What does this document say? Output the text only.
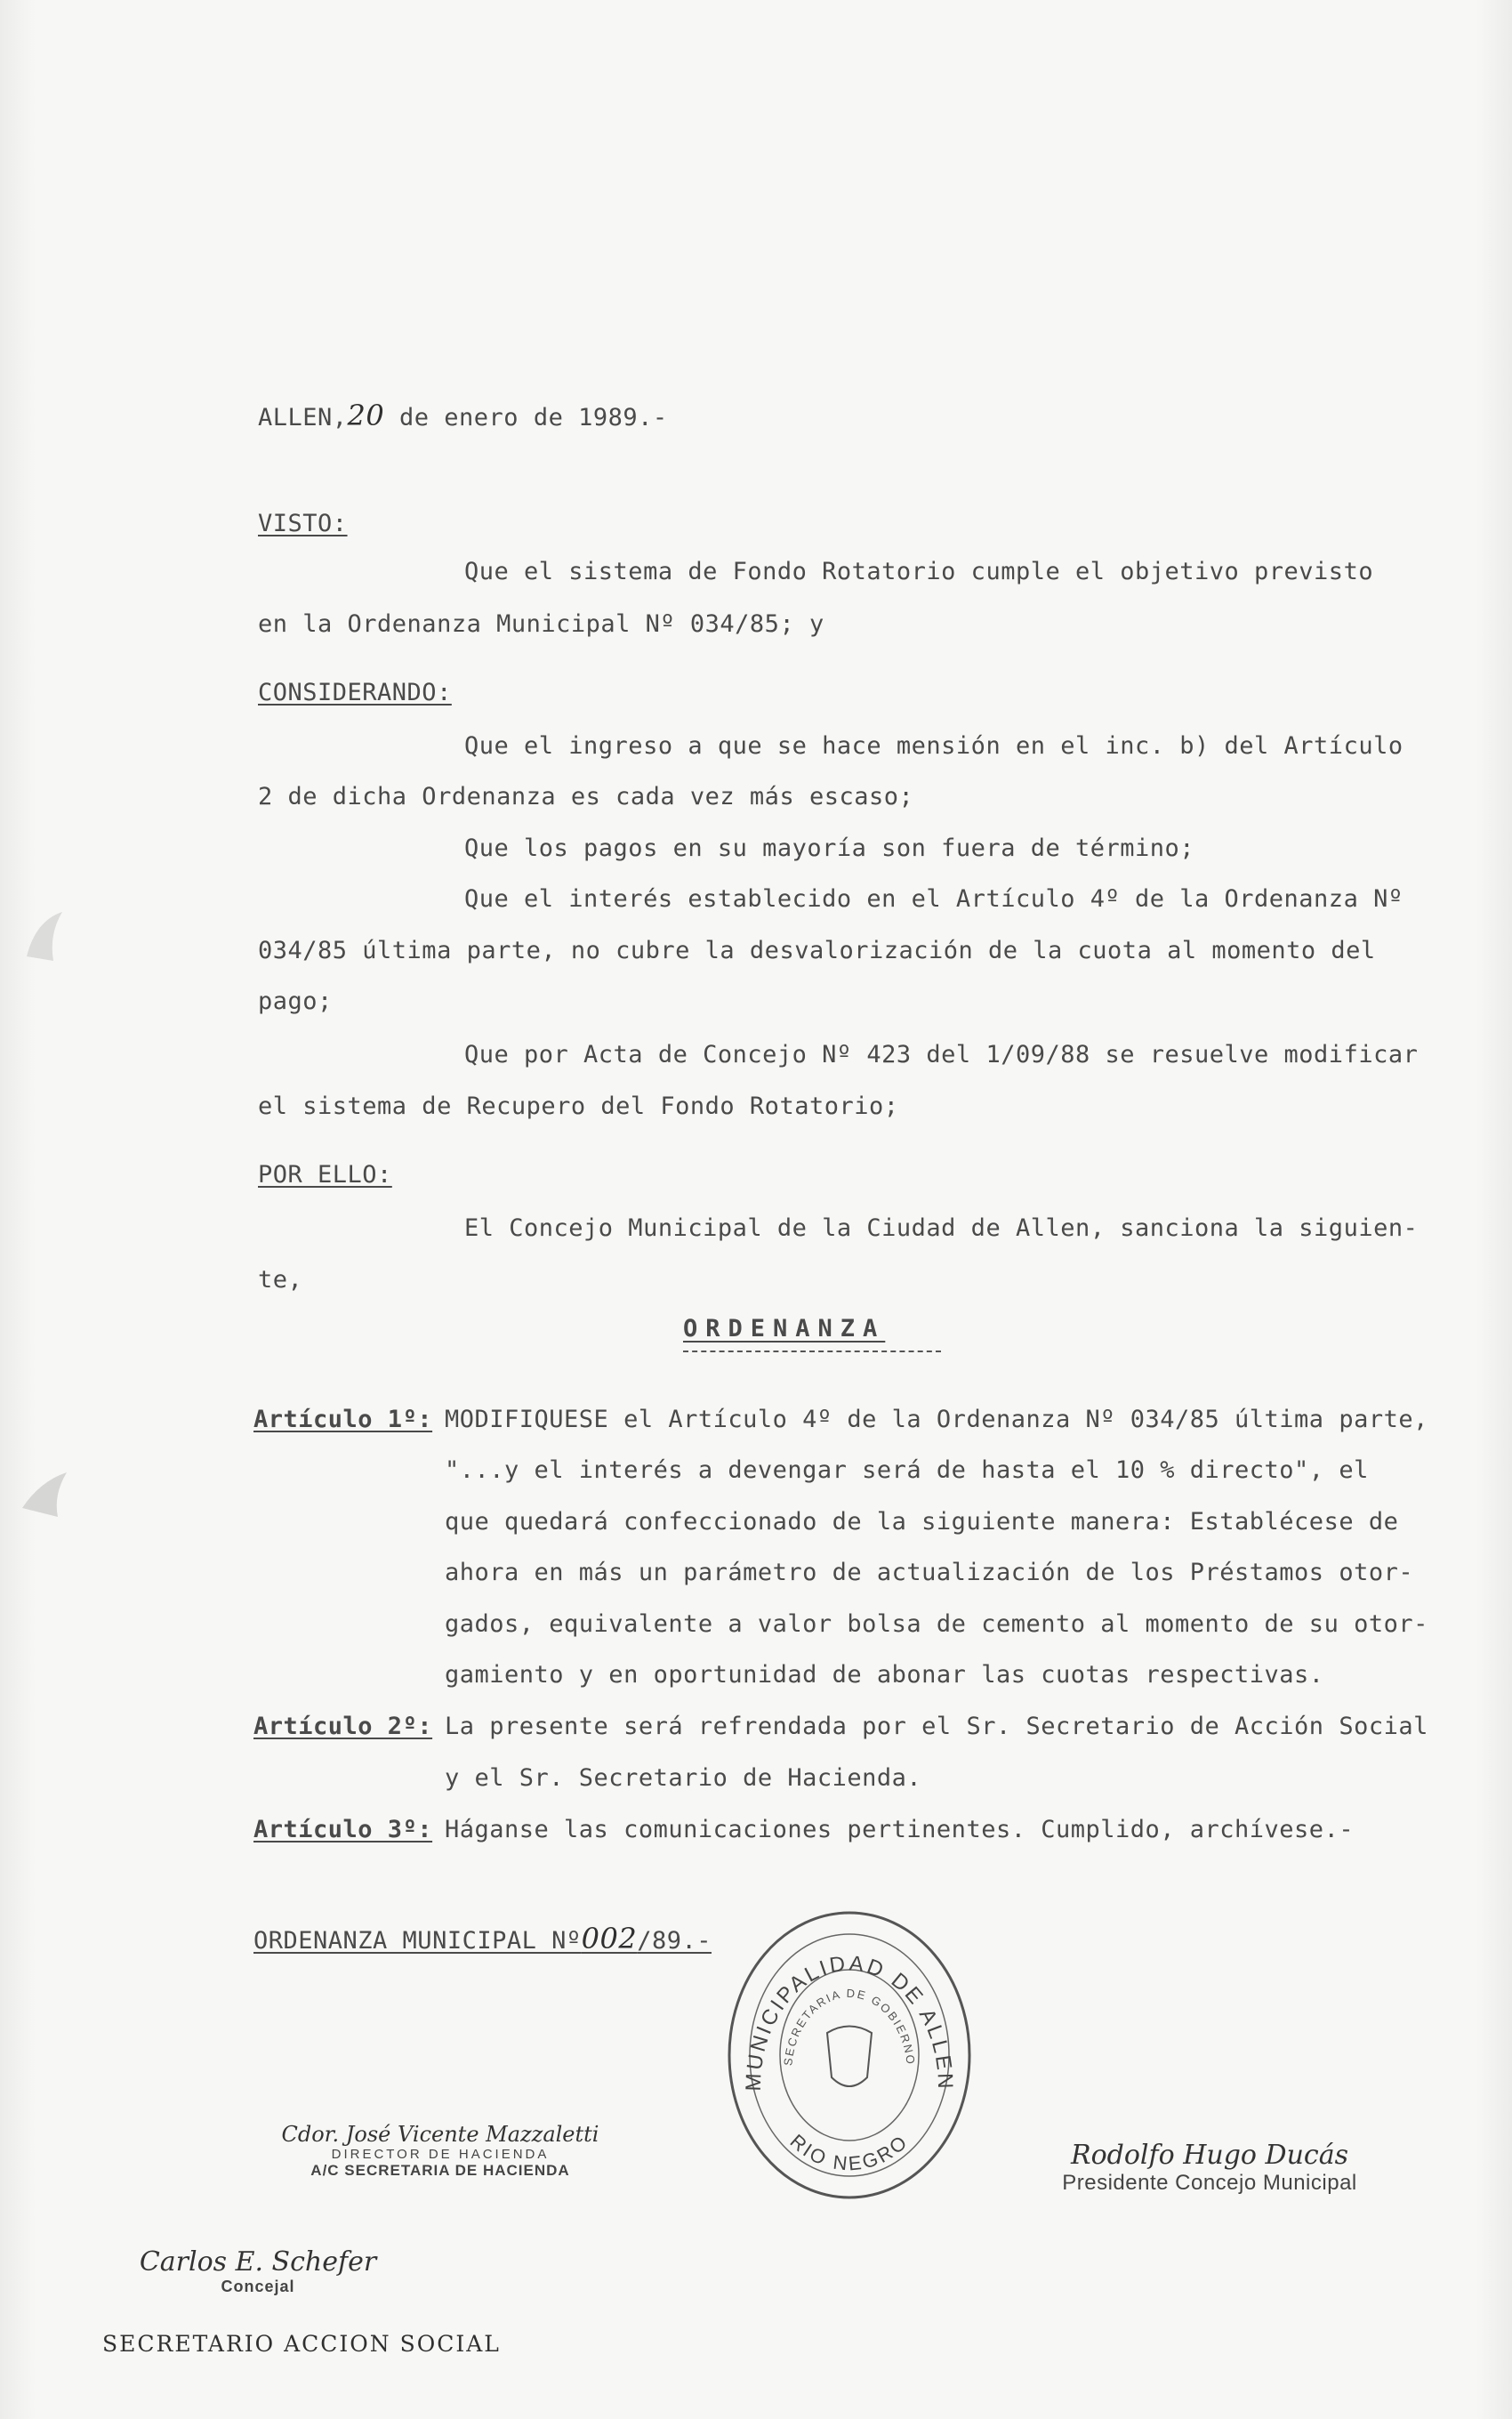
ALLEN,20 de enero de 1989.-
VISTO:
Que el sistema de Fondo Rotatorio cumple el objetivo previsto
en la Ordenanza Municipal Nº 034/85; y
CONSIDERANDO:
Que el ingreso a que se hace mensión en el inc. b) del Artículo
2 de dicha Ordenanza es cada vez más escaso;
Que los pagos en su mayoría son fuera de término;
Que el interés establecido en el Artículo 4º de la Ordenanza Nº
034/85 última parte, no cubre la desvalorización de la cuota al momento del
pago;
Que por Acta de Concejo Nº 423 del 1/09/88 se resuelve modificar
el sistema de Recupero del Fondo Rotatorio;
POR ELLO:
El Concejo Municipal de la Ciudad de Allen, sanciona la siguien-
te,
ORDENANZA
Artículo 1º: MODIFIQUESE el Artículo 4º de la Ordenanza Nº 034/85 última parte,
"...y el interés a devengar será de hasta el 10 % directo", el
que quedará confeccionado de la siguiente manera: Establécese de
ahora en más un parámetro de actualización de los Préstamos otor-
gados, equivalente a valor bolsa de cemento al momento de su otor-
gamiento y en oportunidad de abonar las cuotas respectivas.
Artículo 2º: La presente será refrendada por el Sr. Secretario de Acción Social
y el Sr. Secretario de Hacienda.
Artículo 3º: Háganse las comunicaciones pertinentes. Cumplido, archívese.-
ORDENANZA MUNICIPAL Nº002/89.-
MUNICIPALIDAD DE ALLEN
SECRETARIA DE GOBIERNO
RIO NEGRO
Cdor. José Vicente Mazzaletti
DIRECTOR DE HACIENDA
A/C SECRETARIA DE HACIENDA	Rodolfo Hugo Ducás
Presidente Concejo Municipal
Carlos E. Schefer
Concejal
SECRETARIO ACCION SOCIAL
